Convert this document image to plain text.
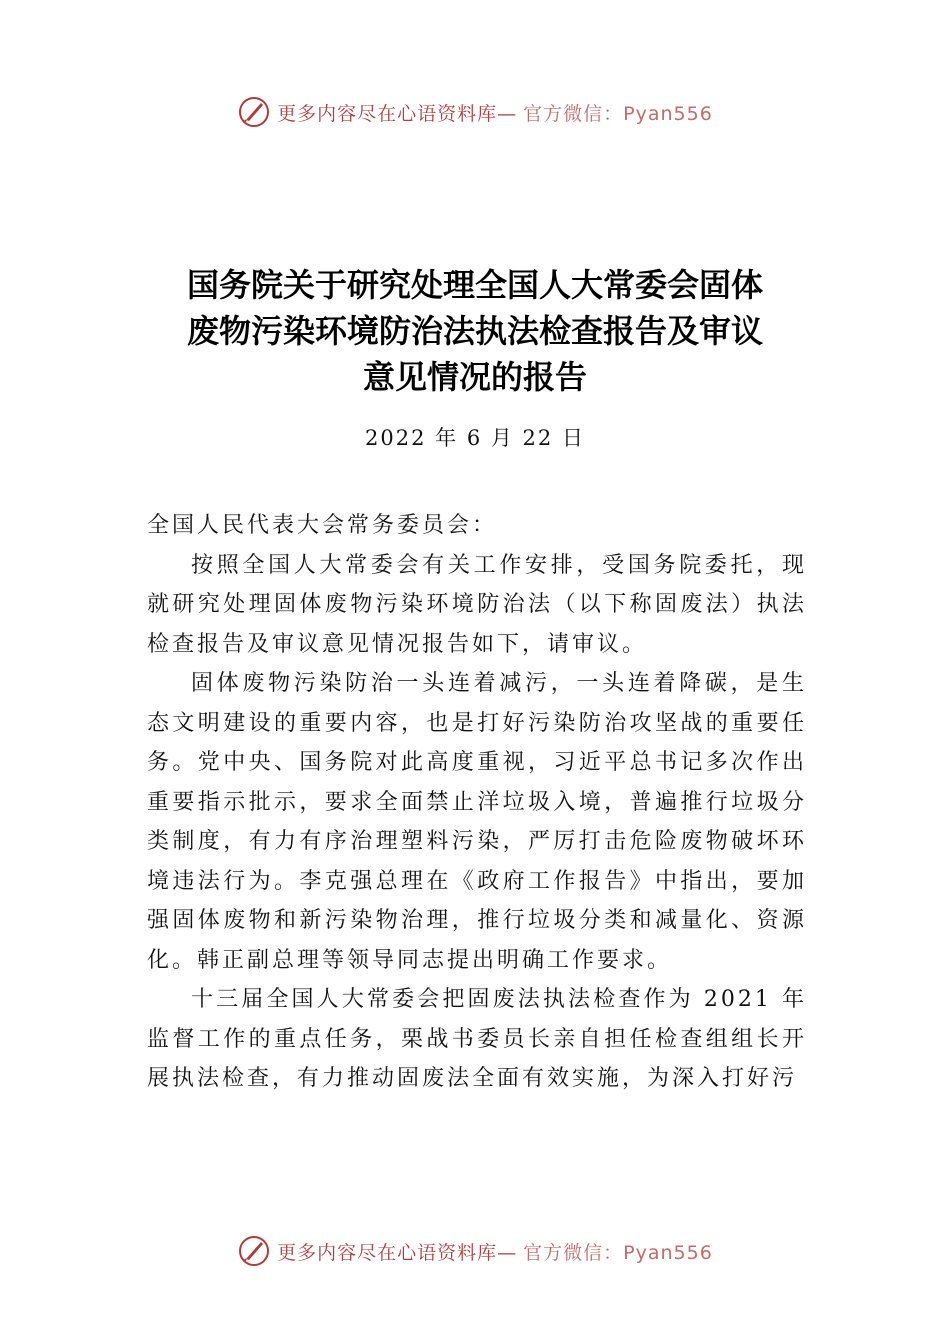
更多内容尽在心语资料库— 官方微信：Pyan556
国务院关于研究处理全国人大常委会固体
废物污染环境防治法执法检查报告及审议
意见情况的报告
2022 年 6 月 22 日

全国人民代表大会常务委员会：

按照全国人大常委会有关工作安排，受国务院委托，现就研究处理固体废物污染环境防治法（以下称固废法）执法检查报告及审议意见情况报告如下，请审议。

固体废物污染防治一头连着减污，一头连着降碳，是生态文明建设的重要内容，也是打好污染防治攻坚战的重要任务。党中央、国务院对此高度重视，习近平总书记多次作出重要指示批示，要求全面禁止洋垃圾入境，普遍推行垃圾分类制度，有力有序治理塑料污染，严厉打击危险废物破坏环境违法行为。李克强总理在《政府工作报告》中指出，要加强固体废物和新污染物治理，推行垃圾分类和减量化、资源化。韩正副总理等领导同志提出明确工作要求。

十三届全国人大常委会把固废法执法检查作为 2021 年监督工作的重点任务，栗战书委员长亲自担任检查组组长开展执法检查，有力推动固废法全面有效实施，为深入打好污

更多内容尽在心语资料库— 官方微信：Pyan556
